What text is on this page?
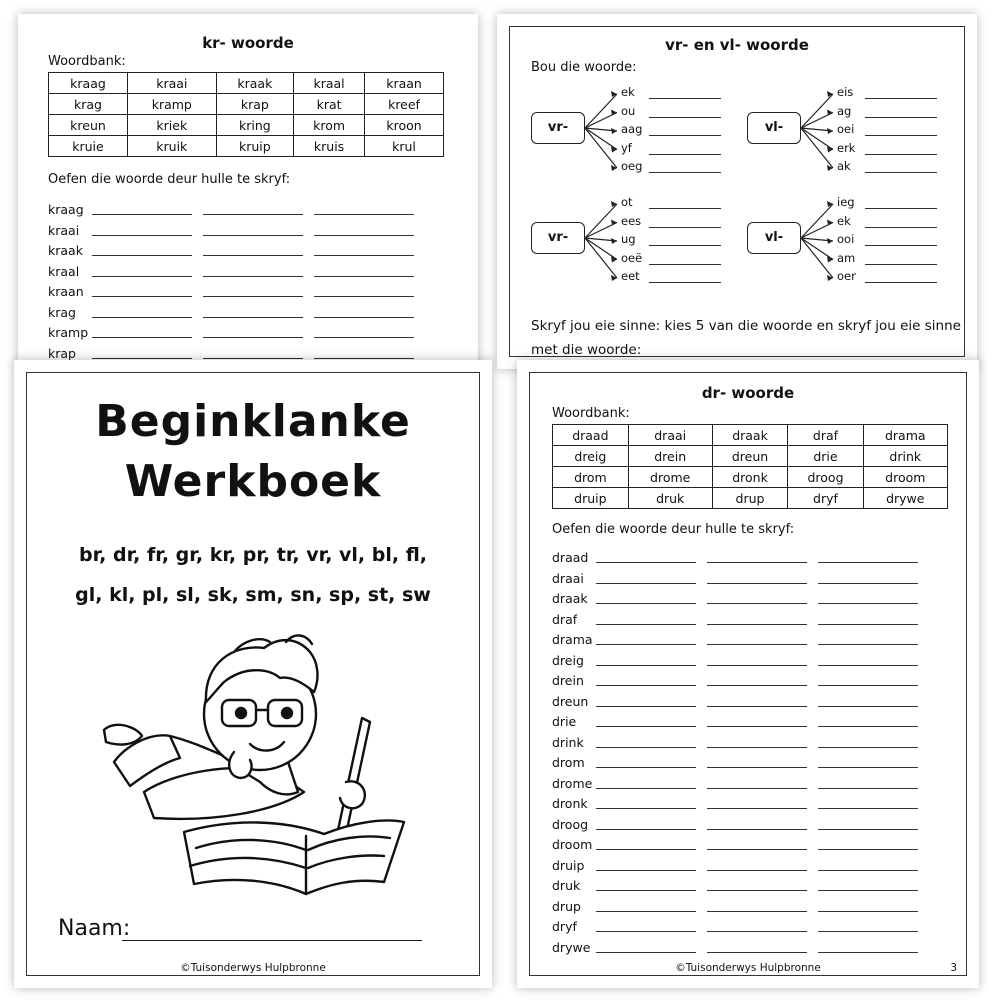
kr- woorde
Woordbank:
kraag	kraai	kraak	kraal	kraan
krag	kramp	krap	krat	kreef
kreun	kriek	kring	krom	kroon
kruie	kruik	kruip	kruis	krul
Oefen die woorde deur hulle te skryf:
kraag
kraai
kraak
kraal
kraan
krag
kramp
krap
vr- en vl- woorde
Bou die woorde:
vr-
ek
ou
aag
yf
oeg
vl-
eis
ag
oei
erk
ak
vr-
ot
ees
ug
oeë
eet
vl-
ieg
ek
ooi
am
oer
Skryf jou eie sinne: kies 5 van die woorde en skryf jou eie sinne
met die woorde:
dr- woorde
Woordbank:
draad	draai	draak	draf	drama
dreig	drein	dreun	drie	drink
drom	drome	dronk	droog	droom
druip	druk	drup	dryf	drywe
Oefen die woorde deur hulle te skryf:
draad
draai
draak
draf
drama
dreig
drein
dreun
drie
drink
drom
drome
dronk
droog
droom
druip
druk
drup
dryf
drywe
©Tuisonderwys Hulpbronne	3
Beginklanke
Werkboek
br, dr, fr, gr, kr, pr, tr, vr, vl, bl, fl,
gl, kl, pl, sl, sk, sm, sn, sp, st, sw
Naam:
©Tuisonderwys Hulpbronne
